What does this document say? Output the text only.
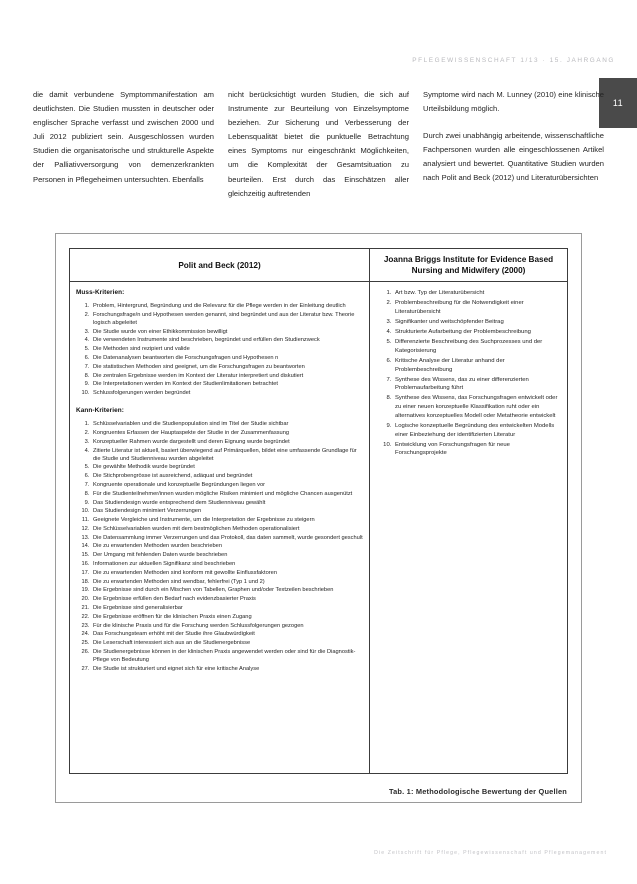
11
PFLEGEWISSENSCHAFT 1/13 · 15. JAHRGANG

die damit verbundene Symptommanifestation am deutlichsten. Die Studien mussten in deutscher oder englischer Sprache verfasst und zwischen 2000 und Juli 2012 publiziert sein. Ausgeschlossen wurden Studien die organisatorische und strukturelle Aspekte der Palliativversorgung von demenzerkrankten Personen in Pflegeheimen untersuchten. Ebenfalls

nicht berücksichtigt wurden Studien, die sich auf Instrumente zur Beurteilung von Einzelsymptome beziehen. Zur Sicherung und Verbesserung der Lebensqualität bietet die punktuelle Betrachtung eines Symptoms nur eingeschränkt Möglichkeiten, um die Komplexität der Gesamtsituation zu beurteilen. Erst durch das Einschätzen aller gleichzeitig auftretenden

Symptome wird nach M. Lunney (2010) eine klinische Urteilsbildung möglich.

Durch zwei unabhängig arbeitende, wissenschaftliche Fachpersonen wurden alle eingeschlossenen Artikel analysiert und bewertet. Quantitative Studien wurden nach Polit and Beck (2012) und Literaturübersichten

Polit and Beck (2012)
Joanna Briggs Institute for Evidence Based Nursing and Midwifery (2000)
Muss-Kriterien:
1. Problem, Hintergrund, Begründung und die Relevanz für die Pflege werden in der Einleitung deutlich
2. Forschungsfrage/n und Hypothesen werden genannt, sind begründet und aus der Literatur bzw. Theorie logisch abgeleitet
3. Die Studie wurde von einer Ethikkommission bewilligt
4. Die verwendeten Instrumente sind beschrieben, begründet und erfüllen den Studienzweck
5. Die Methoden sind rezipiert und valide
6. Die Datenanalysen beantworten die Forschungsfragen und Hypothesen n
7. Die statistischen Methoden sind geeignet, um die Forschungsfragen zu beantworten
8. Die zentralen Ergebnisse werden im Kontext der Literatur interpretiert und diskutiert
9. Die Interpretationen werden im Kontext der Studienlimitationen betrachtet
10. Schlussfolgerungen werden begründet
Kann-Kriterien:
1. Schlüsselvariablen und die Studienpopulation sind im Titel der Studie sichtbar
2. Kongruentes Erfassen der Hauptaspekte der Studie in der Zusammenfassung
3. Konzeptueller Rahmen wurde dargestellt und deren Eignung wurde begründet
4. Zitierte Literatur ist aktuell, basiert überwiegend auf Primärquellen, bildet eine umfassende Grundlage für die Studie und Studienniveau wurden abgeleitet
5. Die gewählte Methodik wurde begründet
6. Die Stichprobengrösse ist ausreichend, adäquat und begründet
7. Kongruente operationale und konzeptuelle Begründungen liegen vor
8. Für die Studienteilnehmer/innen wurden mögliche Risiken minimiert und mögliche Chancen ausgenützt
9. Das Studiendesign wurde entsprechend dem Studienniveau gewählt
10. Das Studiendesign minimiert Verzerrungen
11. Geeignete Vergleiche und Instrumente, um die Interpretation der Ergebnisse zu steigern
12. Die Schlüsselvariablen wurden mit dem bestmöglichen Methoden operationalisiert
13. Die Datensammlung immer Verzerrungen und das Protokoll, das daten sammelt, wurde gesondert geschult
14. Die zu erwartenden Methoden wurden beschrieben
15. Der Umgang mit fehlenden Daten wurde beschrieben
16. Informationen zur aktuellen Signifikanz sind beschrieben
17. Die zu erwartenden Methoden sind konform mit gewollte Einflussfaktoren
18. Die zu erwartenden Methoden sind wendbar, fehlerfrei (Typ 1 und 2)
19. Die Ergebnisse sind durch ein Mischen von Tabellen, Graphen und/oder Textzeilen beschrieben
20. Die Ergebnisse erfüllen den Bedarf nach evidenzbasierter Praxis
21. Die Ergebnisse sind generalisierbar
22. Die Ergebnisse eröffnen für die klinischen Praxis einen Zugang
23. Für die klinische Praxis und für die Forschung werden Schlussfolgerungen gezogen
24. Das Forschungsteam erhöht mit der Studie ihre Glaubwürdigkeit
25. Die Leserschaft interessiert sich aus an die Studienergebnisse
26. Die Studienergebnisse können in der klinischen Praxis angewendet werden oder sind für die Diagnostik-Pflege von Bedeutung
27. Die Studie ist strukturiert und eignet sich für eine kritische Analyse
1. Art bzw. Typ der Literaturübersicht
2. Problembeschreibung für die Notwendigkeit einer Literaturübersicht
3. Signifikanter und weitschöpfender Beitrag
4. Strukturierte Aufarbeitung der Problembeschreibung
5. Differenzierte Beschreibung des Suchprozesses und der Kategorisierung
6. Kritische Analyse der Literatur anhand der Problembeschreibung
7. Synthese des Wissens, das zu einer differenzierten Problemaufarbeitung führt
8. Synthese des Wissens, das Forschungsfragen entwickelt oder zu einer neuen konzeptuelle Klassifikation ruht oder ein alternatives konzeptuelles Modell oder Metatheorie entwickelt
9. Logische konzeptuelle Begründung des entwickelten Modells einer Einbeziehung der identifizierten Literatur
10. Entwicklung von Forschungsfragen für neue Forschungsprojekte
Tab. 1: Methodologische Bewertung der Quellen
Die Zeitschrift für Pflege, Pflegewissenschaft und Pflegemanagement
